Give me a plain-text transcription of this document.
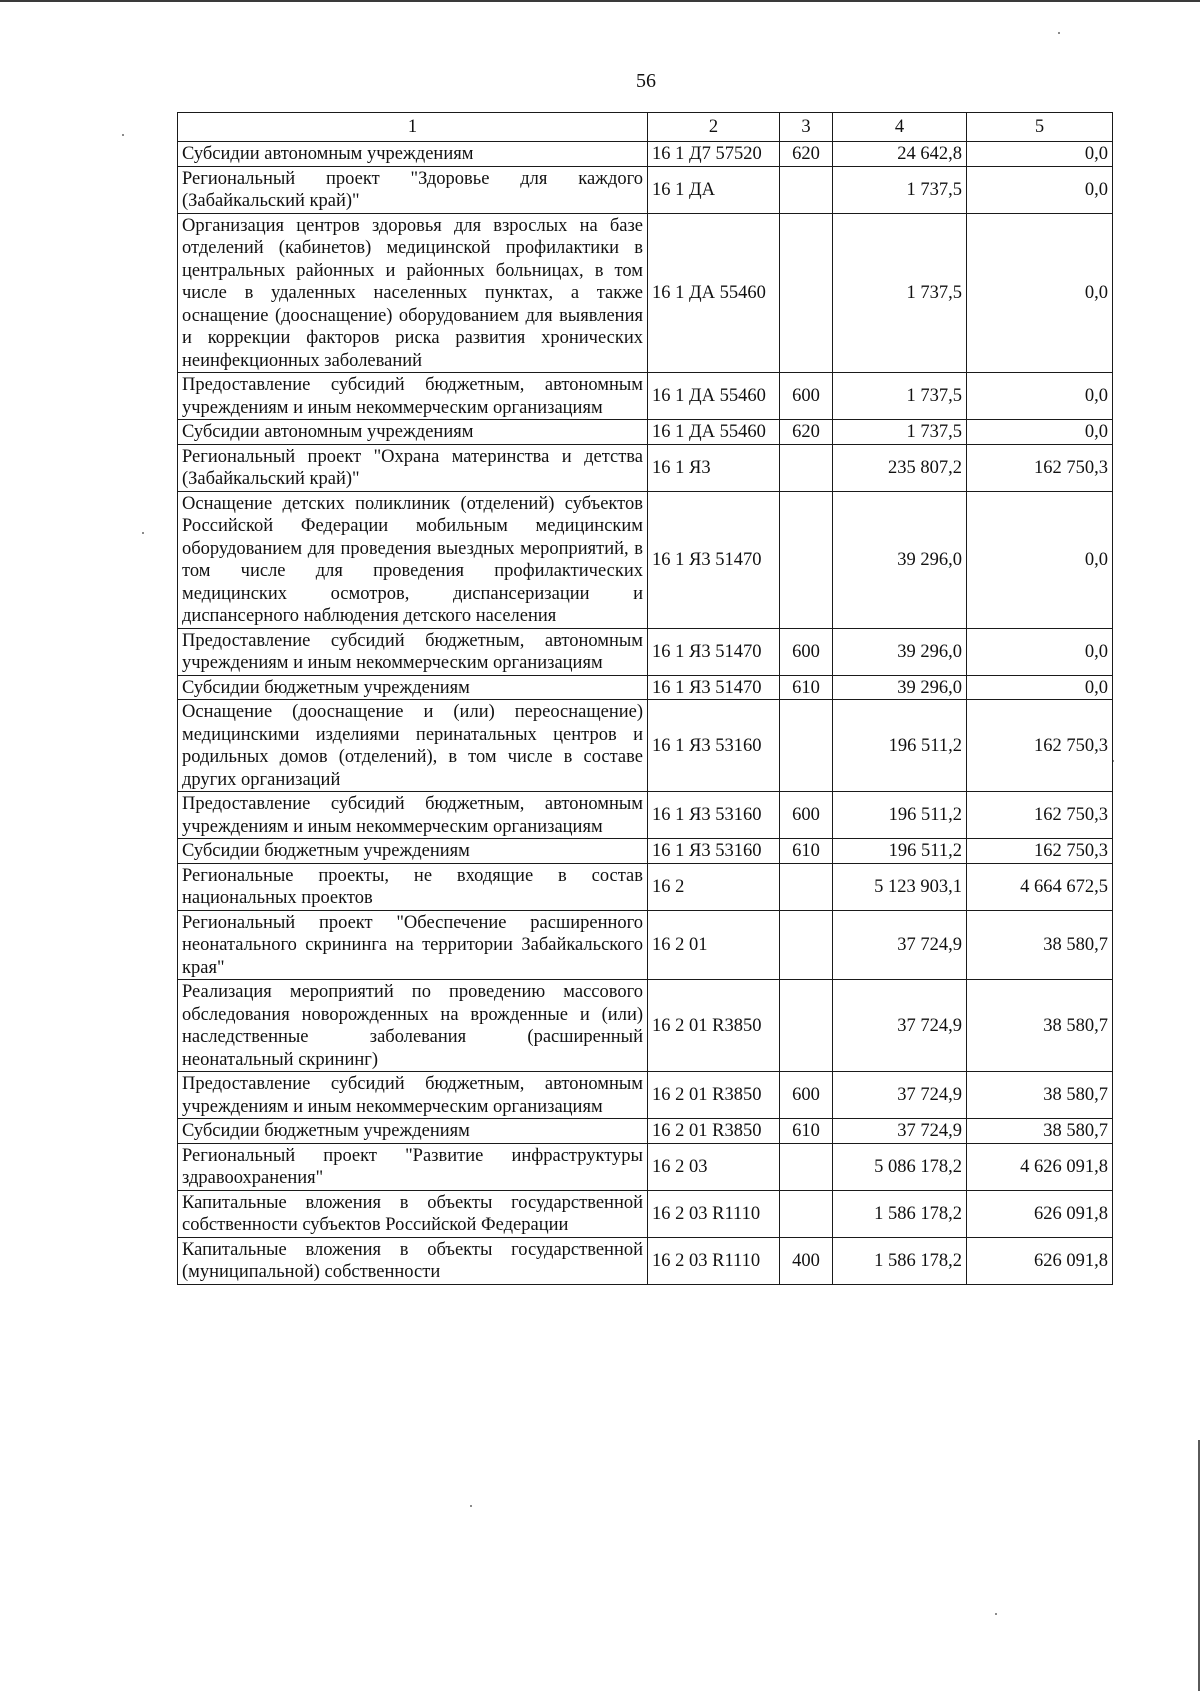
56
1	2	3	4	5
Субсидии автономным учреждениям	16 1 Д7 57520	620	24 642,8	0,0
Региональный проект "Здоровье для каждого (Забайкальский край)"	16 1 ДА		1 737,5	0,0
Организация центров здоровья для взрослых на базе отделений (кабинетов) медицинской профилактики в центральных районных и районных больницах, в том числе в удаленных населенных пунктах, а также оснащение (дооснащение) оборудованием для выявления и коррекции факторов риска развития хронических неинфекционных заболеваний	16 1 ДА 55460		1 737,5	0,0
Предоставление субсидий бюджетным, автономным учреждениям и иным некоммерческим организациям	16 1 ДА 55460	600	1 737,5	0,0
Субсидии автономным учреждениям	16 1 ДА 55460	620	1 737,5	0,0
Региональный проект "Охрана материнства и детства (Забайкальский край)"	16 1 Я3		235 807,2	162 750,3
Оснащение детских поликлиник (отделений) субъектов Российской Федерации мобильным медицинским оборудованием для проведения выездных мероприятий, в том числе для проведения профилактических медицинских осмотров, диспансеризации и диспансерного наблюдения детского населения	16 1 Я3 51470		39 296,0	0,0
Предоставление субсидий бюджетным, автономным учреждениям и иным некоммерческим организациям	16 1 Я3 51470	600	39 296,0	0,0
Субсидии бюджетным учреждениям	16 1 Я3 51470	610	39 296,0	0,0
Оснащение (дооснащение и (или) переоснащение) медицинскими изделиями перинатальных центров и родильных домов (отделений), в том числе в составе других организаций	16 1 Я3 53160		196 511,2	162 750,3
Предоставление субсидий бюджетным, автономным учреждениям и иным некоммерческим организациям	16 1 Я3 53160	600	196 511,2	162 750,3
Субсидии бюджетным учреждениям	16 1 Я3 53160	610	196 511,2	162 750,3
Региональные проекты, не входящие в состав национальных проектов	16 2		5 123 903,1	4 664 672,5
Региональный проект "Обеспечение расширенного неонатального скрининга на территории Забайкальского края"	16 2 01		37 724,9	38 580,7
Реализация мероприятий по проведению массового обследования новорожденных на врожденные и (или) наследственные заболевания (расширенный неонатальный скрининг)	16 2 01 R3850		37 724,9	38 580,7
Предоставление субсидий бюджетным, автономным учреждениям и иным некоммерческим организациям	16 2 01 R3850	600	37 724,9	38 580,7
Субсидии бюджетным учреждениям	16 2 01 R3850	610	37 724,9	38 580,7
Региональный проект "Развитие инфраструктуры здравоохранения"	16 2 03		5 086 178,2	4 626 091,8
Капитальные вложения в объекты государственной собственности субъектов Российской Федерации	16 2 03 R1110		1 586 178,2	626 091,8
Капитальные вложения в объекты государственной (муниципальной) собственности	16 2 03 R1110	400	1 586 178,2	626 091,8
